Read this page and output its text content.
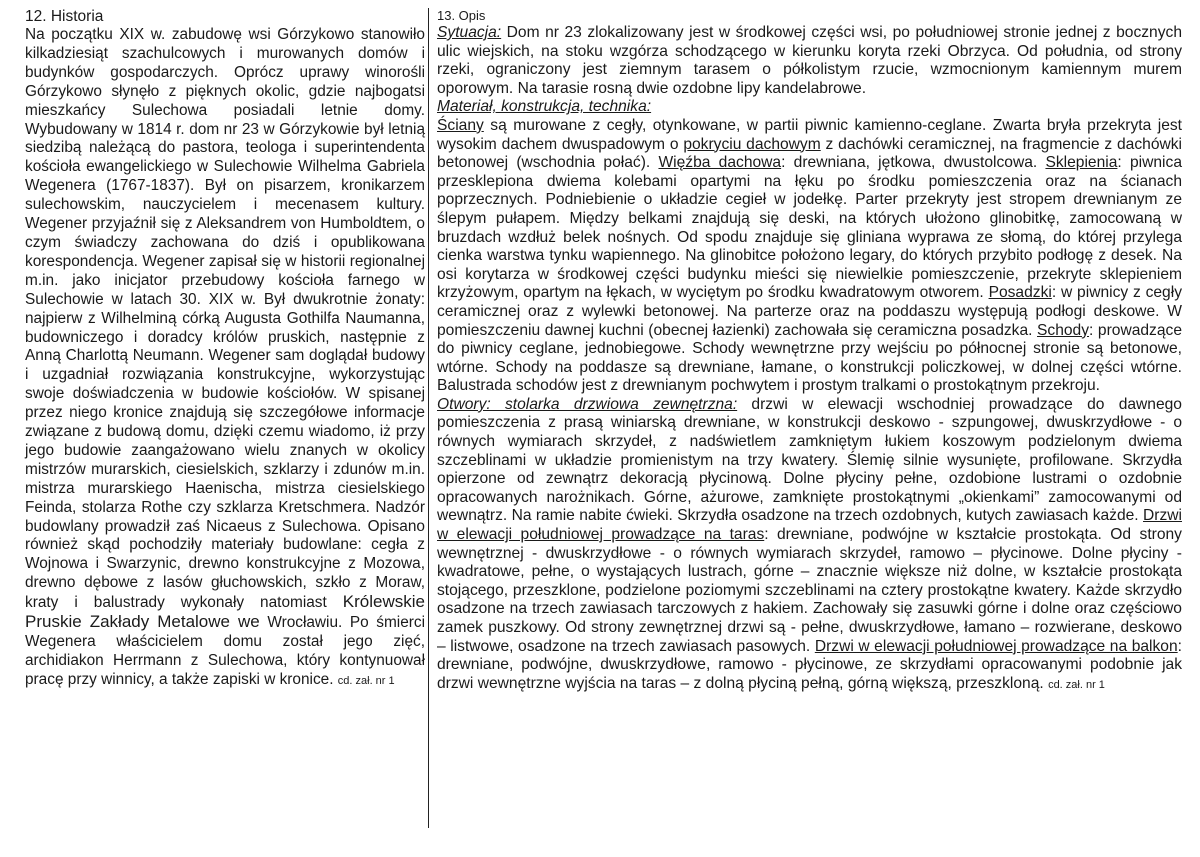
12. Historia

Na początku XIX w. zabudowę wsi Górzykowo stanowiło kilkadziesiąt szachulcowych i murowanych domów i budynków gospodarczych. Oprócz uprawy winorośli Górzykowo słynęło z pięknych okolic, gdzie najbogatsi mieszkańcy Sulechowa posiadali letnie domy. Wybudowany w 1814 r. dom nr 23 w Górzykowie był letnią siedzibą należącą do pastora, teologa i superintendenta kościoła ewangelickiego w Sulechowie Wilhelma Gabriela Wegenera (1767-1837). Był on pisarzem, kronikarzem sulechowskim, nauczycielem i mecenasem kultury. Wegener przyjaźnił się z Aleksandrem von Humboldtem, o czym świadczy zachowana do dziś i opublikowana korespondencja. Wegener zapisał się w historii regionalnej m.in. jako inicjator przebudowy kościoła farnego w Sulechowie w latach 30. XIX w. Był dwukrotnie żonaty: najpierw z Wilhelminą córką Augusta Gothilfa Naumanna, budowniczego i doradcy królów pruskich, następnie z Anną Charlottą Neumann. Wegener sam doglądał budowy i uzgadniał rozwiązania konstrukcyjne, wykorzystując swoje doświadczenia w budowie kościołów. W spisanej przez niego kronice znajdują się szczegółowe informacje związane z budową domu, dzięki czemu wiadomo, iż przy jego budowie zaangażowano wielu znanych w okolicy mistrzów murarskich, ciesielskich, szklarzy i zdunów m.in. mistrza murarskiego Haenischa, mistrza ciesielskiego Feinda, stolarza Rothe czy szklarza Kretschmera. Nadzór budowlany prowadził zaś Nicaeus z Sulechowa. Opisano również skąd pochodziły materiały budowlane: cegła z Wojnowa i Swarzynic, drewno konstrukcyjne z Mozowa, drewno dębowe z lasów głuchowskich, szkło z Moraw, kraty i balustrady wykonały natomiast Królewskie Pruskie Zakłady Metalowe we Wrocławiu. Po śmierci Wegenera właścicielem domu został jego zięć, archidiakon Herrmann z Sulechowa, który kontynuował pracę przy winnicy, a także zapiski w kronice. cd. zał. nr 1

13. Opis

Sytuacja: Dom nr 23 zlokalizowany jest w środkowej części wsi, po południowej stronie jednej z bocznych ulic wiejskich, na stoku wzgórza schodzącego w kierunku koryta rzeki Obrzyca. Od południa, od strony rzeki, ograniczony jest ziemnym tarasem o półkolistym rzucie, wzmocnionym kamiennym murem oporowym. Na tarasie rosną dwie ozdobne lipy kandelabrowe.

Materiał, konstrukcja, technika:

Ściany są murowane z cegły, otynkowane, w partii piwnic kamienno-ceglane. Zwarta bryła przekryta jest wysokim dachem dwuspadowym o pokryciu dachowym z dachówki ceramicznej, na fragmencie z dachówki betonowej (wschodnia połać). Więźba dachowa: drewniana, jętkowa, dwustolcowa. Sklepienia: piwnica przesklepiona dwiema kolebami opartymi na łęku po środku pomieszczenia oraz na ścianach poprzecznych. Podniebienie o układzie cegieł w jodełkę. Parter przekryty jest stropem drewnianym ze ślepym pułapem. Między belkami znajdują się deski, na których ułożono glinobitkę, zamocowaną w bruzdach wzdłuż belek nośnych. Od spodu znajduje się gliniana wyprawa ze słomą, do której przylega cienka warstwa tynku wapiennego. Na glinobitce położono legary, do których przybito podłogę z desek. Na osi korytarza w środkowej części budynku mieści się niewielkie pomieszczenie, przekryte sklepieniem krzyżowym, opartym na łękach, w wyciętym po środku kwadratowym otworem. Posadzki: w piwnicy z cegły ceramicznej oraz z wylewki betonowej. Na parterze oraz na poddaszu występują podłogi deskowe. W pomieszczeniu dawnej kuchni (obecnej łazienki) zachowała się ceramiczna posadzka. Schody: prowadzące do piwnicy ceglane, jednobiegowe. Schody wewnętrzne przy wejściu po północnej stronie są betonowe, wtórne. Schody na poddasze są drewniane, łamane, o konstrukcji policzkowej, w dolnej części wtórne. Balustrada schodów jest z drewnianym pochwytem i prostym tralkami o prostokątnym przekroju.

Otwory: stolarka drzwiowa zewnętrzna: drzwi w elewacji wschodniej prowadzące do dawnego pomieszczenia z prasą winiarską drewniane, w konstrukcji deskowo - szpungowej, dwuskrzydłowe - o równych wymiarach skrzydeł, z nadświetlem zamkniętym łukiem koszowym podzielonym dwiema szczeblinami w układzie promienistym na trzy kwatery. Ślemię silnie wysunięte, profilowane. Skrzydła opierzone od zewnątrz dekoracją płycinową. Dolne płyciny pełne, ozdobione lustrami o ozdobnie opracowanych narożnikach. Górne, ażurowe, zamknięte prostokątnymi „okienkami” zamocowanymi od wewnątrz. Na ramie nabite ćwieki. Skrzydła osadzone na trzech ozdobnych, kutych zawiasach każde. Drzwi w elewacji południowej prowadzące na taras: drewniane, podwójne w kształcie prostokąta. Od strony wewnętrznej - dwuskrzydłowe - o równych wymiarach skrzydeł, ramowo – płycinowe. Dolne płyciny - kwadratowe, pełne, o wystających lustrach, górne – znacznie większe niż dolne, w kształcie prostokąta stojącego, przeszklone, podzielone poziomymi szczeblinami na cztery prostokątne kwatery. Każde skrzydło osadzone na trzech zawiasach tarczowych z hakiem. Zachowały się zasuwki górne i dolne oraz częściowo zamek puszkowy. Od strony zewnętrznej drzwi są - pełne, dwuskrzydłowe, łamano – rozwierane, deskowo – listwowe, osadzone na trzech zawiasach pasowych. Drzwi w elewacji południowej prowadzące na balkon: drewniane, podwójne, dwuskrzydłowe, ramowo - płycinowe, ze skrzydłami opracowanymi podobnie jak drzwi wewnętrzne wyjścia na taras – z dolną płyciną pełną, górną większą, przeszkloną. cd. zał. nr 1
